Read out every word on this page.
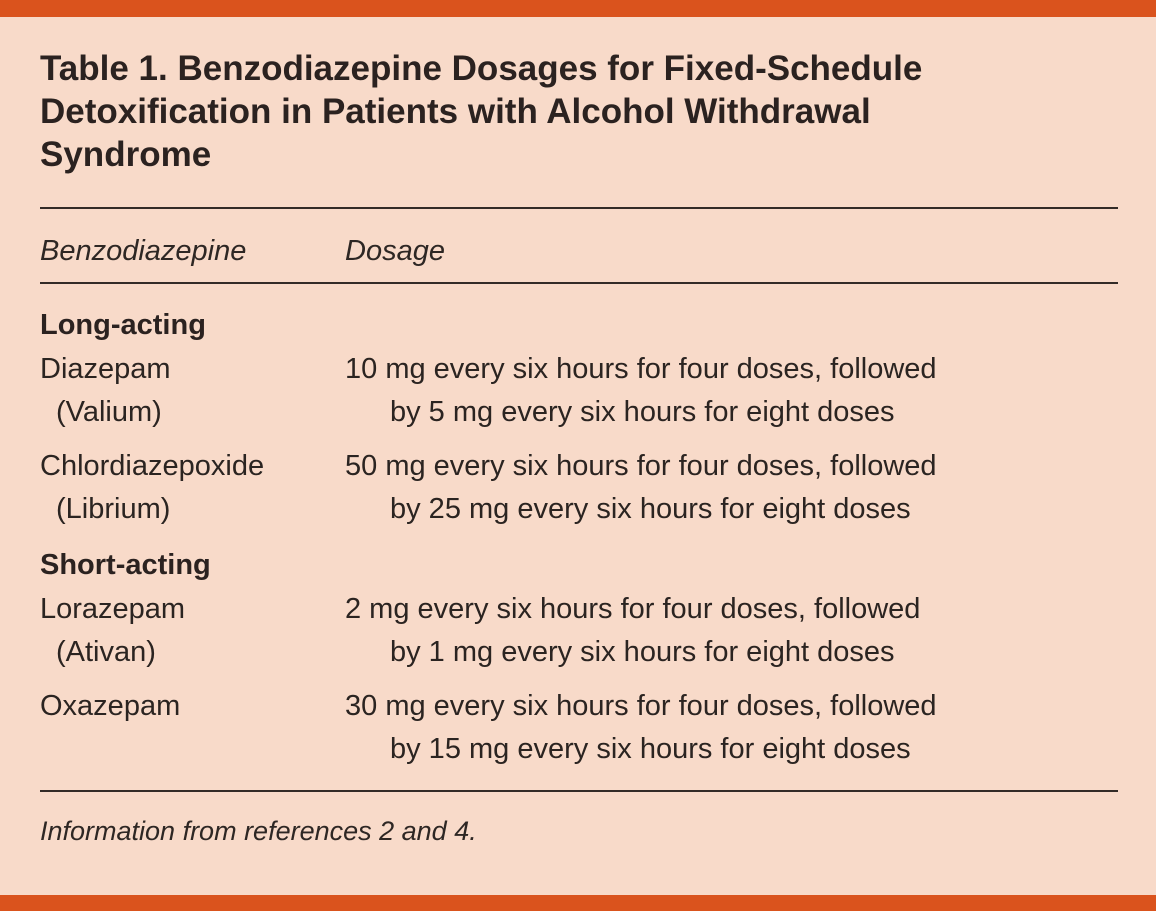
Table 1. Benzodiazepine Dosages for Fixed-Schedule
Detoxification in Patients with Alcohol Withdrawal
Syndrome
Benzodiazepine	Dosage
Long-acting
Diazepam
(Valium)
10 mg every six hours for four doses, followed
by 5 mg every six hours for eight doses
Chlordiazepoxide
(Librium)
50 mg every six hours for four doses, followed
by 25 mg every six hours for eight doses
Short-acting
Lorazepam
(Ativan)
2 mg every six hours for four doses, followed
by 1 mg every six hours for eight doses
Oxazepam	30 mg every six hours for four doses, followed
by 15 mg every six hours for eight doses
Information from references 2 and 4.
